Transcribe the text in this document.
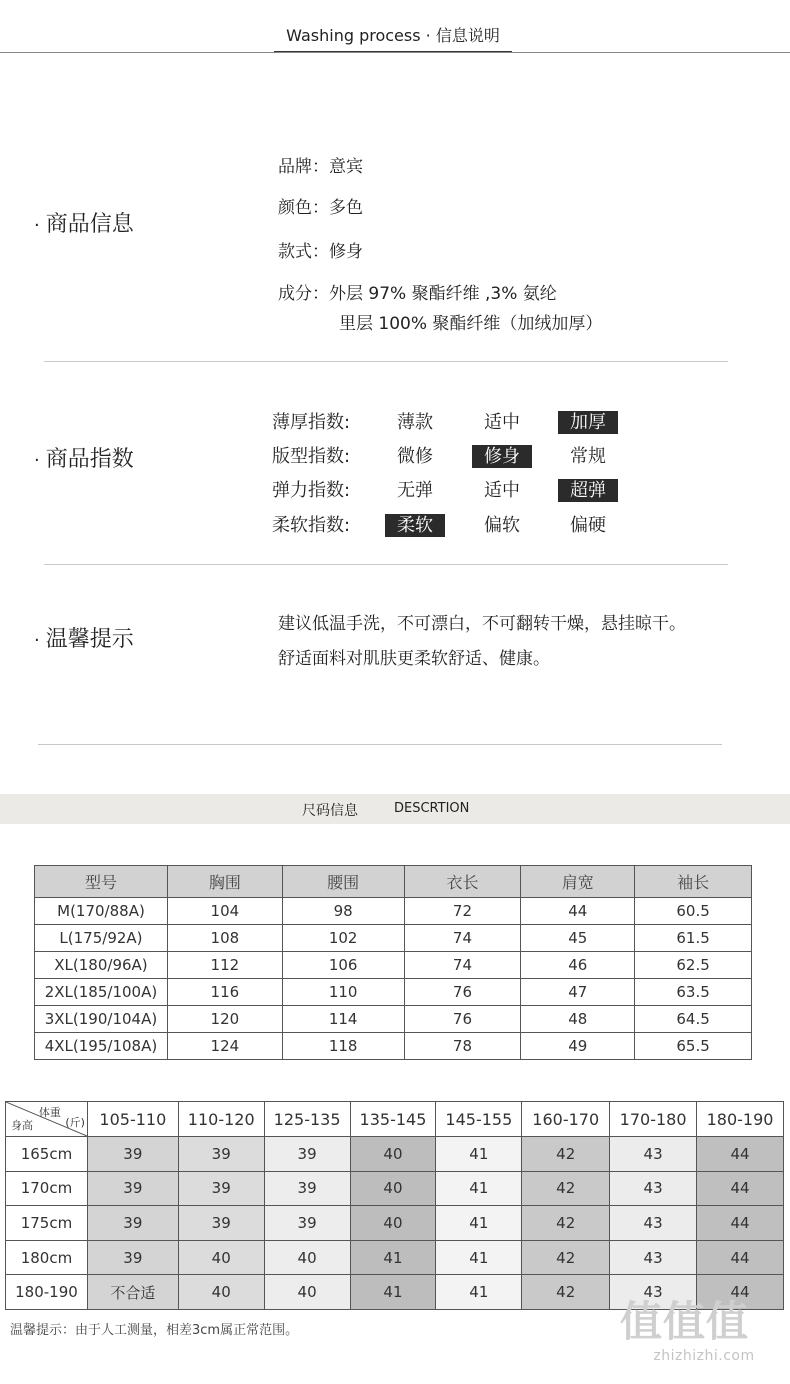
Washing process · 信息说明
· 商品信息
品牌：意宾
颜色：多色
款式：修身
成分：外层 97% 聚酯纤维 ,3% 氨纶
里层 100% 聚酯纤维（加绒加厚）
· 商品指数
薄厚指数:	薄款	适中	加厚
版型指数:	微修	修身	常规
弹力指数:	无弹	适中	超弹
柔软指数:	柔软	偏软	偏硬
· 温馨提示
建议低温手洗，不可漂白，不可翻转干燥，悬挂晾干。
舒适面料对肌肤更柔软舒适、健康。
尺码信息	DESCRTION
型号	胸围	腰围	衣长	肩宽	袖长
M(170/88A)	104	98	72	44	60.5
L(175/92A)	108	102	74	45	61.5
XL(180/96A)	112	106	74	46	62.5
2XL(185/100A)	116	110	76	47	63.5
3XL(190/104A)	120	114	76	48	64.5
4XL(195/108A)	124	118	78	49	65.5
体重
(斤)
身高	105-110	110-120	125-135	135-145	145-155	160-170	170-180	180-190
165cm	39	39	39	40	41	42	43	44
170cm	39	39	39	40	41	42	43	44
175cm	39	39	39	40	41	42	43	44
180cm	39	40	40	41	41	42	43	44
180-190	不合适	40	40	41	41	42	43	44
温馨提示：由于人工测量，相差3cm属正常范围。	值值值
zhizhizhi.com
